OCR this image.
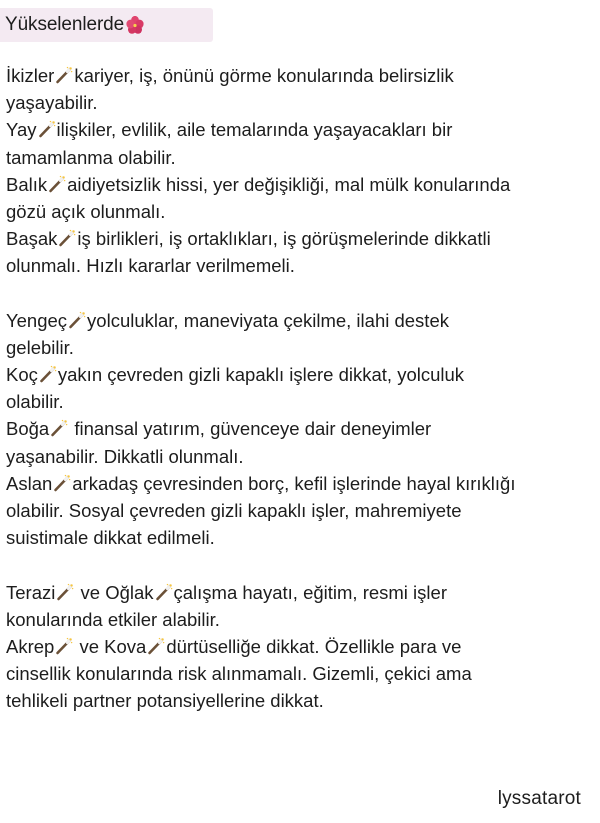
Yükselenlerde
İkizler kariyer, iş, önünü görme konularında belirsizlik
yaşayabilir.
Yay ilişkiler, evlilik, aile temalarında yaşayacakları bir
tamamlanma olabilir.
Balık aidiyetsizlik hissi, yer değişikliği, mal mülk konularında
gözü açık olunmalı.
Başak iş birlikleri, iş ortaklıkları, iş görüşmelerinde dikkatli
olunmalı. Hızlı kararlar verilmemeli.
Yengeç yolculuklar, maneviyata çekilme, ilahi destek
gelebilir.
Koç yakın çevreden gizli kapaklı işlere dikkat, yolculuk
olabilir.
Boğa finansal yatırım, güvenceye dair deneyimler
yaşanabilir. Dikkatli olunmalı.
Aslan arkadaş çevresinden borç, kefil işlerinde hayal kırıklığı
olabilir. Sosyal çevreden gizli kapaklı işler, mahremiyete
suistimale dikkat edilmeli.
Terazi ve Oğlak çalışma hayatı, eğitim, resmi işler
konularında etkiler alabilir.
Akrep ve Kova dürtüselliğe dikkat. Özellikle para ve
cinsellik konularında risk alınmamalı. Gizemli, çekici ama
tehlikeli partner potansiyellerine dikkat.
lyssatarot
